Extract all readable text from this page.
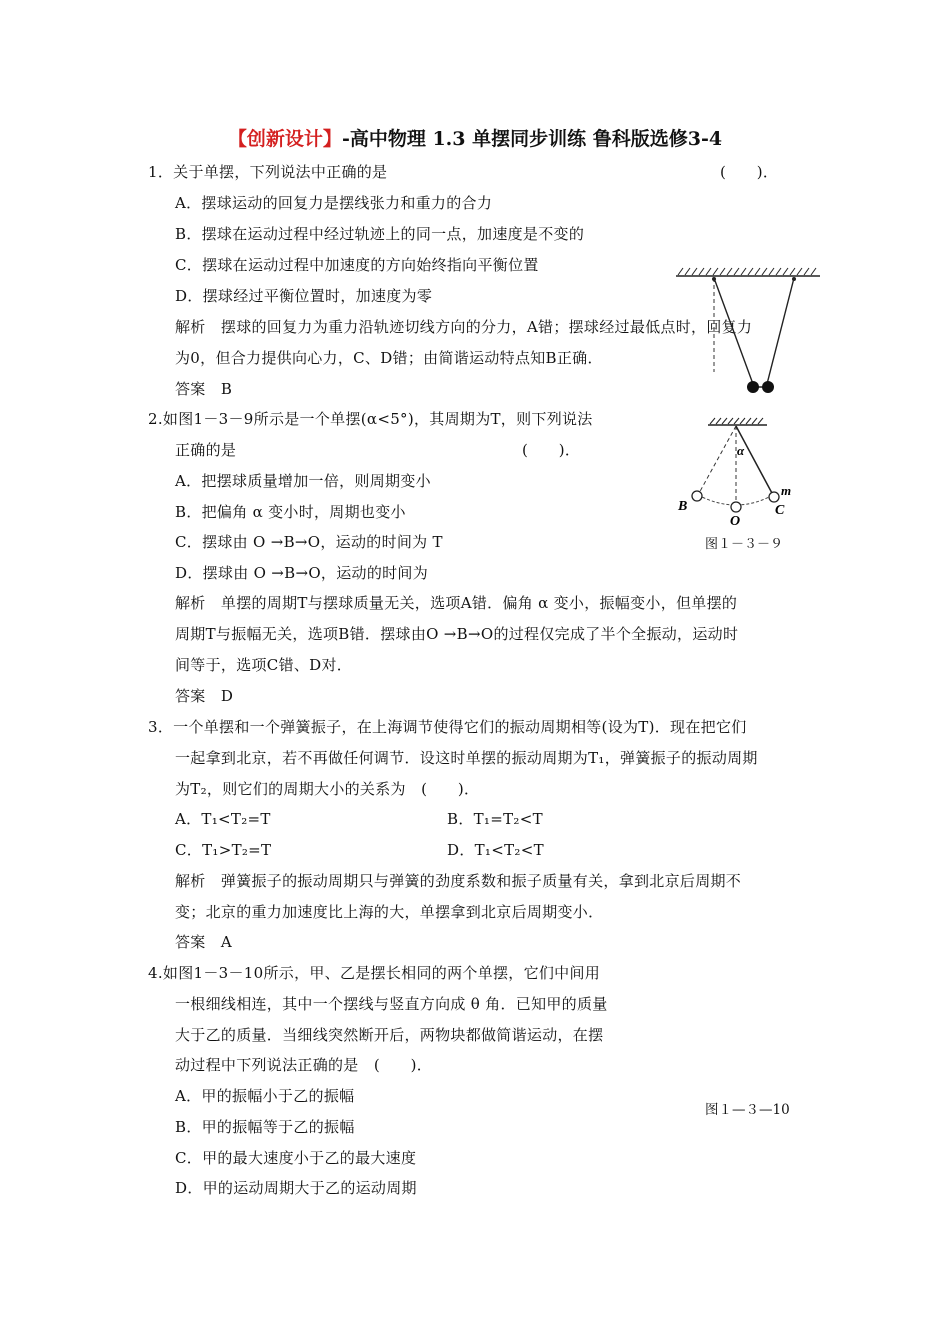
【创新设计】-高中物理 1.3 单摆同步训练 鲁科版选修3-4
1．关于单摆，下列说法中正确的是	(　　)．
A．摆球运动的回复力是摆线张力和重力的合力
B．摆球在运动过程中经过轨迹上的同一点，加速度是不变的
C．摆球在运动过程中加速度的方向始终指向平衡位置
D．摆球经过平衡位置时，加速度为零
解析　摆球的回复力为重力沿轨迹切线方向的分力，A错；摆球经过最低点时，回复力
为0，但合力提供向心力，C、D错；由简谐运动特点知B正确．
答案　B
2.如图1－3－9所示是一个单摆(α<5°)，其周期为T，则下列说法
正确的是	(　　)．
A．把摆球质量增加一倍，则周期变小
B．把偏角 α 变小时，周期也变小
C．摆球由 O →B→O，运动的时间为 T
D．摆球由 O →B→O，运动的时间为
解析　单摆的周期T与摆球质量无关，选项A错．偏角 α 变小，振幅变小，但单摆的
周期T与振幅无关，选项B错．摆球由O →B→O的过程仅完成了半个全振动，运动时
间等于，选项C错、D对．
答案　D
α
m
B
O
C
图１－３－９
3．一个单摆和一个弹簧振子，在上海调节使得它们的振动周期相等(设为T)．现在把它们
一起拿到北京，若不再做任何调节．设这时单摆的振动周期为T₁，弹簧振子的振动周期
为T₂，则它们的周期大小的关系为　(　　)．
A．T₁<T₂=T	B．T₁=T₂<T
C．T₁>T₂=T	D．T₁<T₂<T
解析　弹簧振子的振动周期只与弹簧的劲度系数和振子质量有关，拿到北京后周期不
变；北京的重力加速度比上海的大，单摆拿到北京后周期变小．
答案　A
4.如图1－3－10所示，甲、乙是摆长相同的两个单摆，它们中间用
一根细线相连，其中一个摆线与竖直方向成 θ 角．已知甲的质量
大于乙的质量．当细线突然断开后，两物块都做简谐运动，在摆
动过程中下列说法正确的是　(　　)．
A．甲的振幅小于乙的振幅
B．甲的振幅等于乙的振幅
C．甲的最大速度小于乙的最大速度
D．甲的运动周期大于乙的运动周期
图１—３—10
